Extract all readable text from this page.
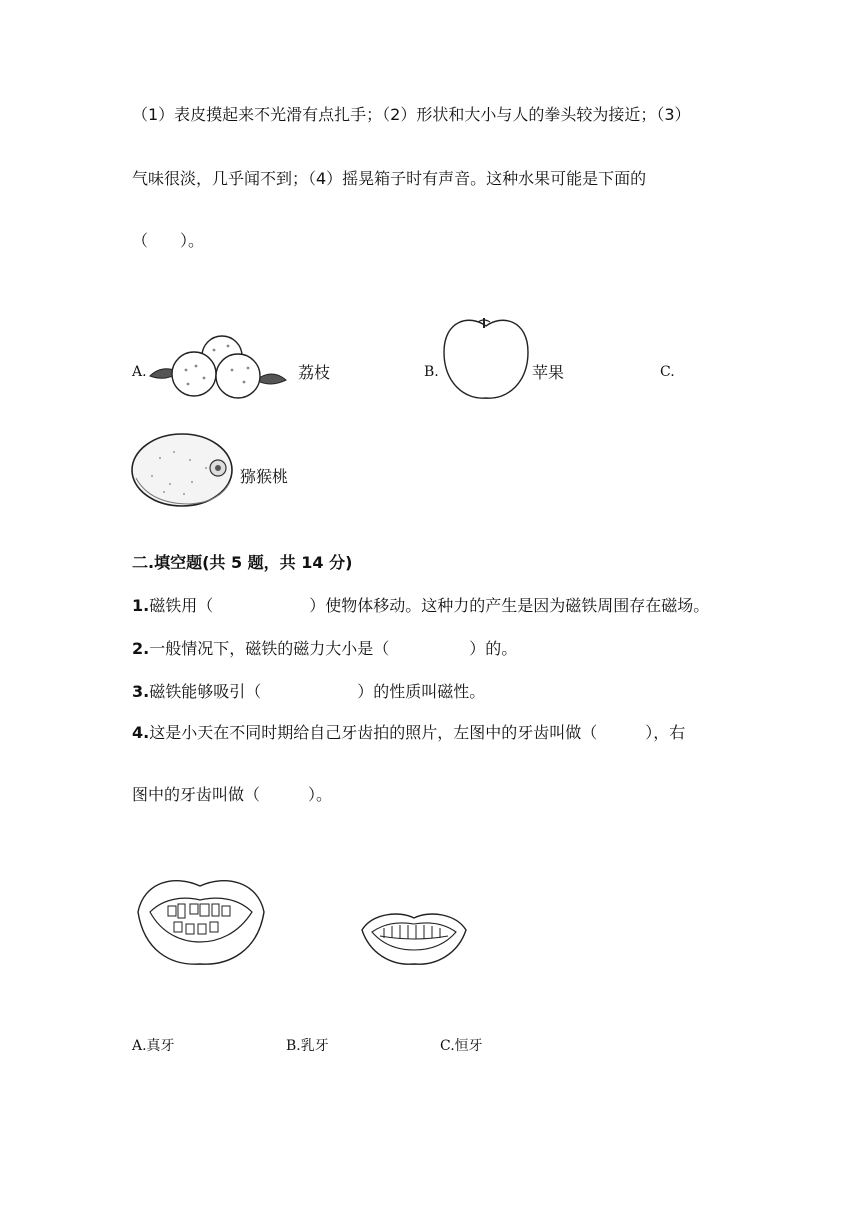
（1）表皮摸起来不光滑有点扎手；（2）形状和大小与人的拳头较为接近；（3）
气味很淡，几乎闻不到；（4）摇晃箱子时有声音。这种水果可能是下面的
（　　）。
A.	荔枝	B.	苹果	C.
猕猴桃
二.填空题(共 5 题，共 14 分)
1.磁铁用（　　　　　　）使物体移动。这种力的产生是因为磁铁周围存在磁场。
2.一般情况下，磁铁的磁力大小是（　　　　　）的。
3.磁铁能够吸引（　　　　　　）的性质叫磁性。
4.这是小天在不同时期给自己牙齿拍的照片，左图中的牙齿叫做（　　　），右
图中的牙齿叫做（　　　）。
A.真牙	B.乳牙	C.恒牙
